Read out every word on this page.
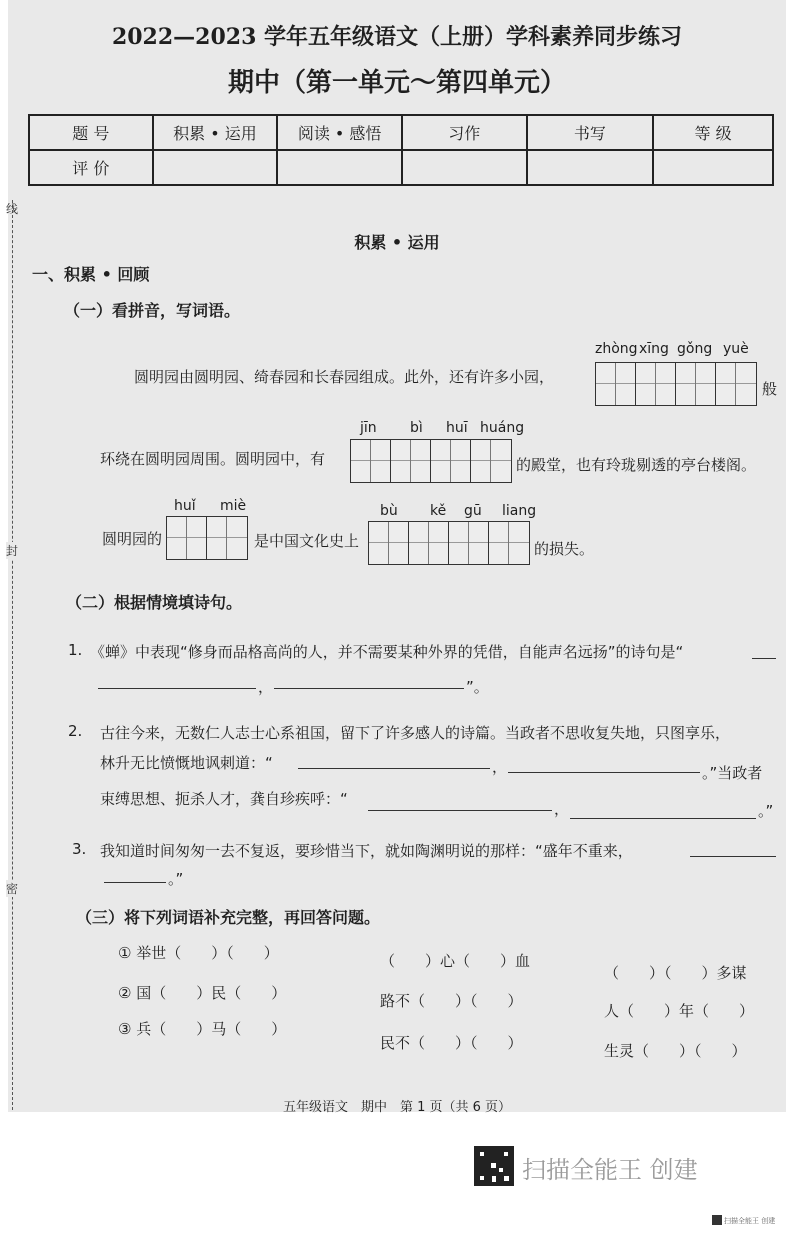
2022—2023 学年五年级语文（上册）学科素养同步练习
期中（第一单元～第四单元）
题 号	积累 • 运用	阅读 • 感悟	习作	书写	等 级
评 价					
线
封
密
积累 • 运用
一、积累 • 回顾
（一）看拼音，写词语。
圆明园由圆明园、绮春园和长春园组成。此外，还有许多小园，
zhòng xīng gǒng yuè
般
环绕在圆明园周围。圆明园中，有
jīn	bì	huī huáng
的殿堂，也有玲珑剔透的亭台楼阁。
圆明园的
huǐ	miè
是中国文化史上
bù	kě	gū	liang
的损失。
（二）根据情境填诗句。
1. 《蝉》中表现“修身而品格高尚的人，并不需要某种外界的凭借，自能声名远扬”的诗句是“
，	”。
2. 古往今来，无数仁人志士心系祖国，留下了许多感人的诗篇。当政者不思收复失地，只图享乐，
林升无比愤慨地讽刺道：“	，	。”当政者
束缚思想、扼杀人才，龚自珍疾呼：“
，	。”
3. 我知道时间匆匆一去不复返，要珍惜当下，就如陶渊明说的那样：“盛年不重来，
。”
（三）将下列词语补充完整，再回答问题。
① 举世（　　）（　　）
② 国（　　）民（　　）
③ 兵（　　）马（　　）
（　　）心（　　）血
路不（　　）（　　）
民不（　　）（　　）
（　　）（　　）多谋
人（　　）年（　　）
生灵（　　）（　　）
五年级语文　期中　第 1 页（共 6 页）
扫描全能王 创建
扫描全能王 创建
